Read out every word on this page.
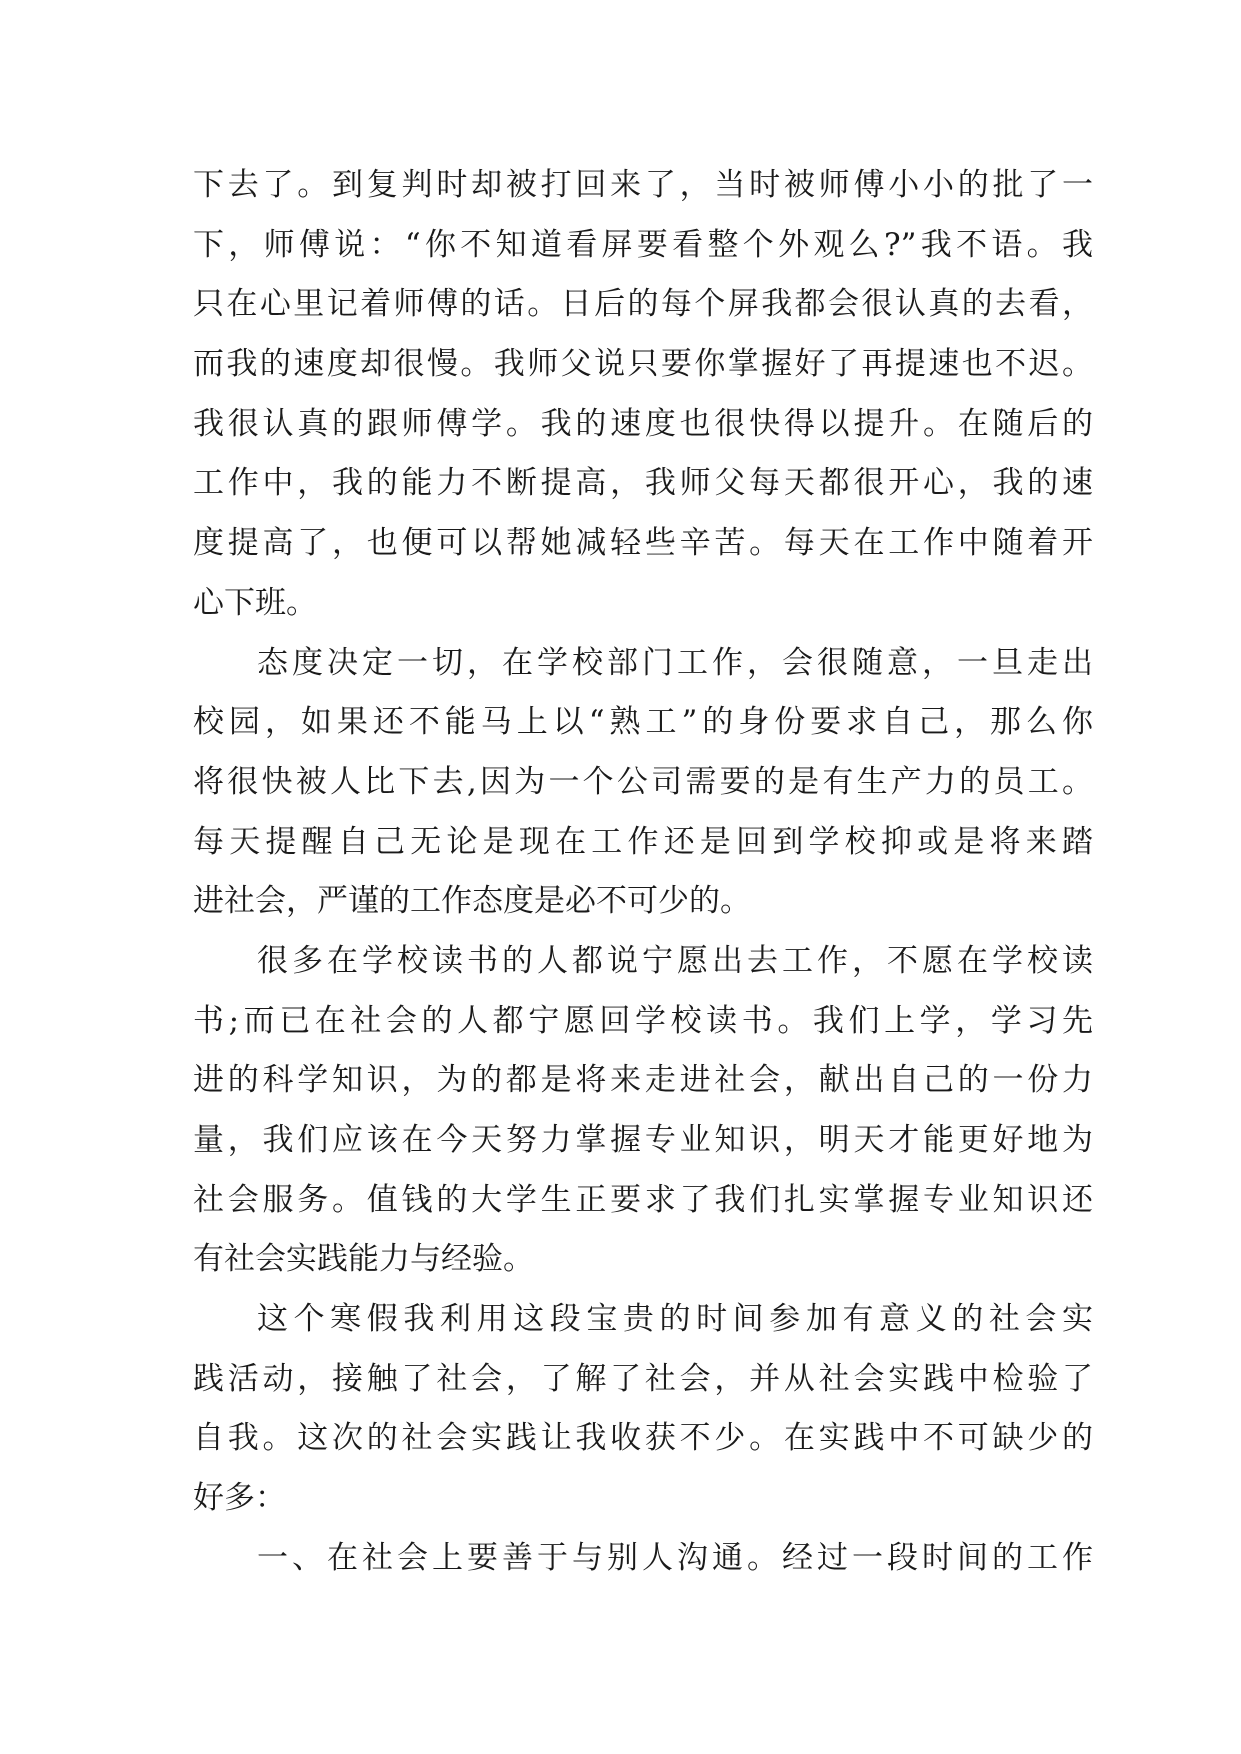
下去了。到复判时却被打回来了，当时被师傅小小的批了一
下，师傅说：“你不知道看屏要看整个外观么?”我不语。我
只在心里记着师傅的话。日后的每个屏我都会很认真的去看，
而我的速度却很慢。我师父说只要你掌握好了再提速也不迟。
我很认真的跟师傅学。我的速度也很快得以提升。在随后的
工作中，我的能力不断提高，我师父每天都很开心，我的速
度提高了，也便可以帮她减轻些辛苦。每天在工作中随着开
心下班。
态度决定一切，在学校部门工作，会很随意，一旦走出
校园，如果还不能马上以“熟工”的身份要求自己，那么你
将很快被人比下去,因为一个公司需要的是有生产力的员工。
每天提醒自己无论是现在工作还是回到学校抑或是将来踏
进社会，严谨的工作态度是必不可少的。
很多在学校读书的人都说宁愿出去工作，不愿在学校读
书;而已在社会的人都宁愿回学校读书。我们上学，学习先
进的科学知识，为的都是将来走进社会，献出自己的一份力
量，我们应该在今天努力掌握专业知识，明天才能更好地为
社会服务。值钱的大学生正要求了我们扎实掌握专业知识还
有社会实践能力与经验。
这个寒假我利用这段宝贵的时间参加有意义的社会实
践活动，接触了社会，了解了社会，并从社会实践中检验了
自我。这次的社会实践让我收获不少。在实践中不可缺少的
好多：
一、在社会上要善于与别人沟通。经过一段时间的工作
